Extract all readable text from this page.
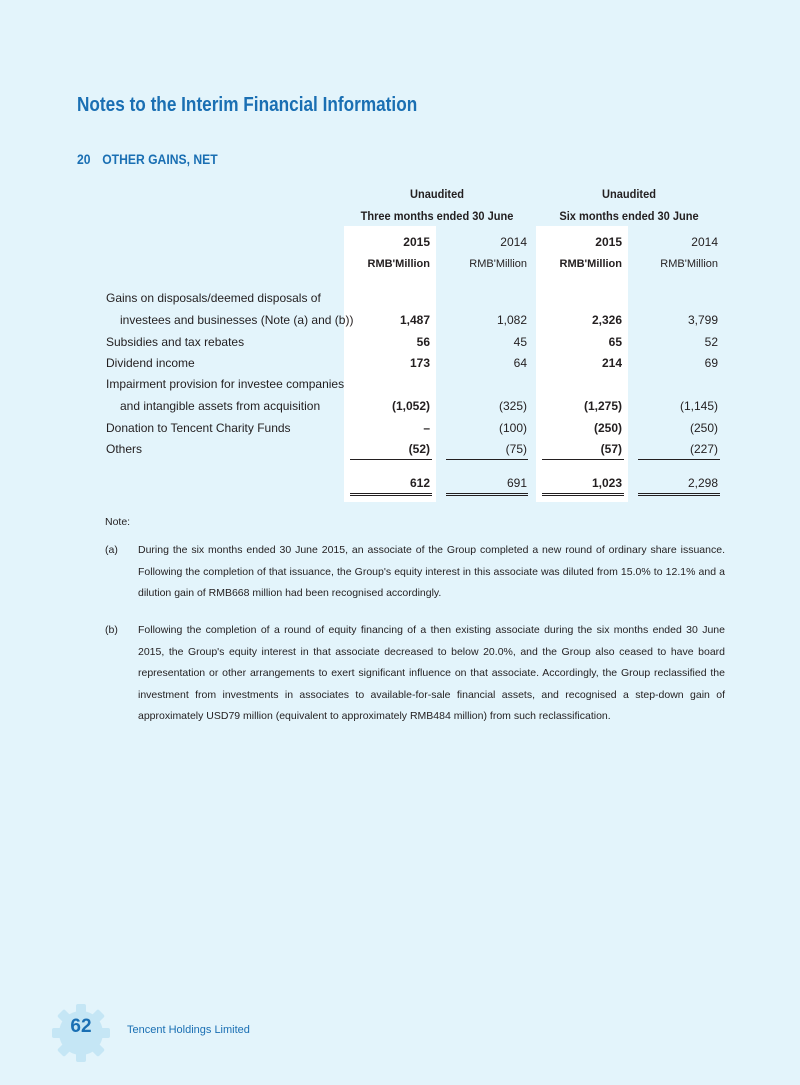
Notes to the Interim Financial Information
20 OTHER GAINS, NET
Unaudited
Three months ended 30 June
Unaudited
Six months ended 30 June
2015	2014	2015	2014
RMB'Million	RMB'Million	RMB'Million	RMB'Million
Gains on disposals/deemed disposals of
investees and businesses (Note (a) and (b))	1,487	1,082	2,326	3,799
Subsidies and tax rebates	56	45	65	52
Dividend income	173	64	214	69
Impairment provision for investee companies
and intangible assets from acquisition	(1,052)	(325)	(1,275)	(1,145)
Donation to Tencent Charity Funds	–	(100)	(250)	(250)
Others	(52)	(75)	(57)	(227)
612	691	1,023	2,298
Note:
(a) During the six months ended 30 June 2015, an associate of the Group completed a new round of ordinary share issuance. Following the completion of that issuance, the Group's equity interest in this associate was diluted from 15.0% to 12.1% and a dilution gain of RMB668 million had been recognised accordingly.
(b) Following the completion of a round of equity financing of a then existing associate during the six months ended 30 June 2015, the Group's equity interest in that associate decreased to below 20.0%, and the Group also ceased to have board representation or other arrangements to exert significant influence on that associate. Accordingly, the Group reclassified the investment from investments in associates to available-for-sale financial assets, and recognised a step-down gain of approximately USD79 million (equivalent to approximately RMB484 million) from such reclassification.
62	Tencent Holdings Limited
